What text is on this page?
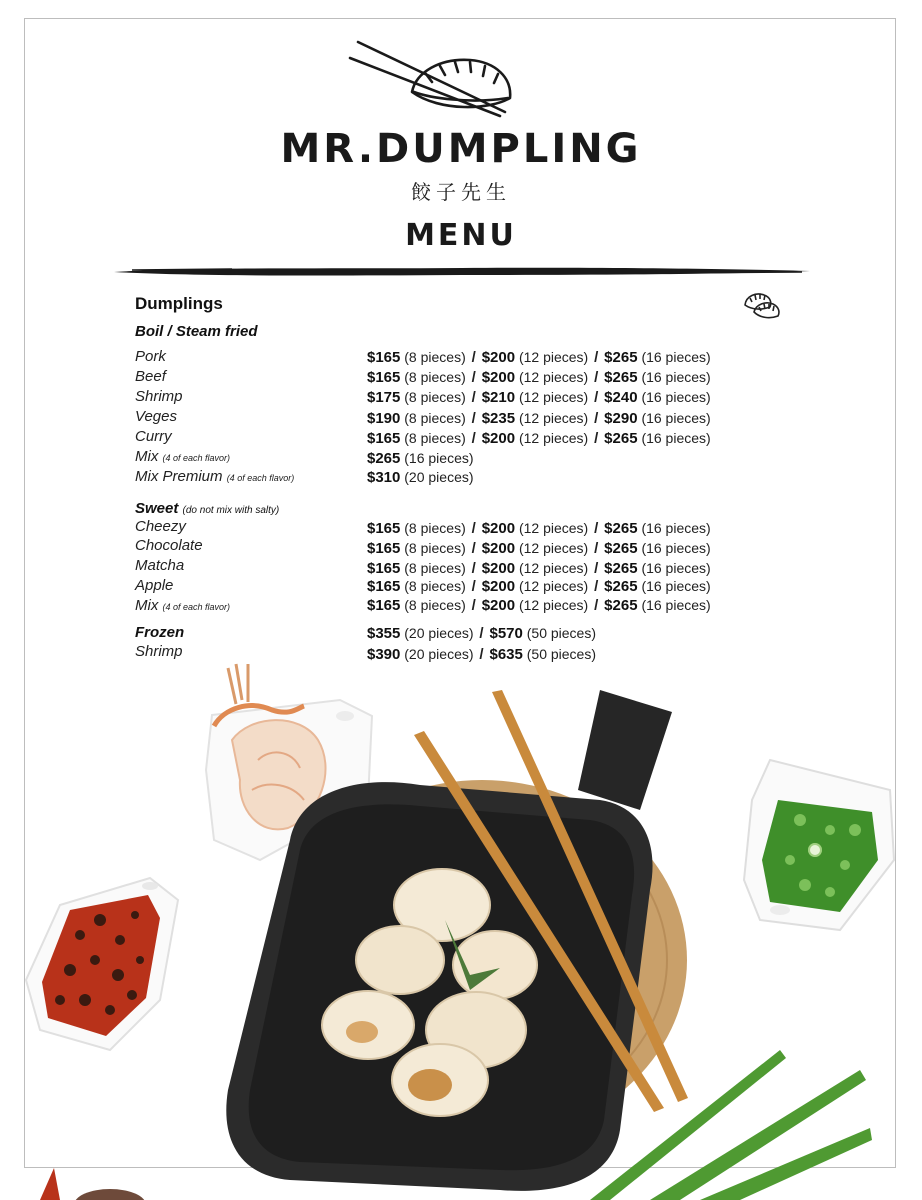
MR.DUMPLING
餃子先生
MENU
Dumplings
Boil / Steam fried
Pork	$165 (8 pieces) / $200 (12 pieces) / $265 (16 pieces)
Beef	$165 (8 pieces) / $200 (12 pieces) / $265 (16 pieces)
Shrimp	$175 (8 pieces) / $210 (12 pieces) / $240 (16 pieces)
Veges	$190 (8 pieces) / $235 (12 pieces) / $290 (16 pieces)
Curry	$165 (8 pieces) / $200 (12 pieces) / $265 (16 pieces)
Mix (4 of each flavor)	$265 (16 pieces)
Mix Premium (4 of each flavor)	$310 (20 pieces)
Sweet (do not mix with salty)
Cheezy	$165 (8 pieces) / $200 (12 pieces) / $265 (16 pieces)
Chocolate	$165 (8 pieces) / $200 (12 pieces) / $265 (16 pieces)
Matcha	$165 (8 pieces) / $200 (12 pieces) / $265 (16 pieces)
Apple	$165 (8 pieces) / $200 (12 pieces) / $265 (16 pieces)
Mix (4 of each flavor)	$165 (8 pieces) / $200 (12 pieces) / $265 (16 pieces)
Frozen	$355 (20 pieces) / $570 (50 pieces)
Shrimp	$390 (20 pieces) / $635 (50 pieces)
